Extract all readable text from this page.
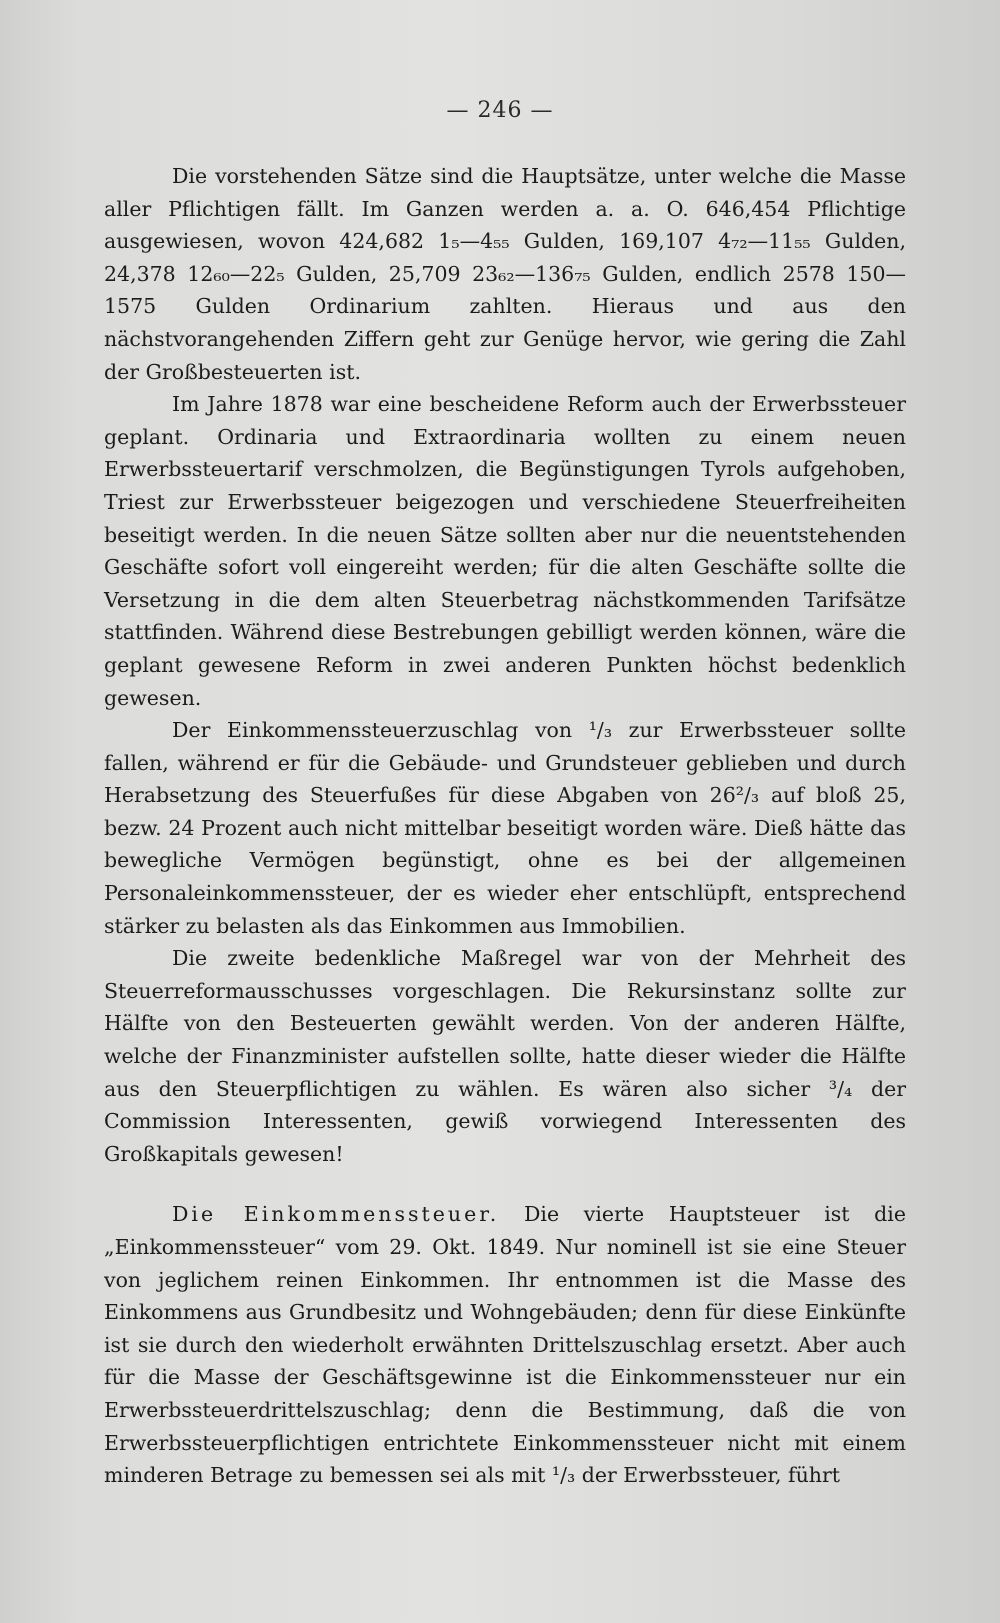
— 246 —

Die vorstehenden Sätze sind die Hauptsätze, unter welche die Masse aller Pflichtigen fällt. Im Ganzen werden a. a. O. 646,454 Pflichtige ausgewiesen, wovon 424,682 1₅—4₅₅ Gulden, 169,107 4₇₂—11₅₅ Gulden, 24,378 12₆₀—22₅ Gulden, 25,709 23₆₂—136₇₅ Gulden, endlich 2578 150—1575 Gulden Ordinarium zahlten. Hieraus und aus den nächstvorangehenden Ziffern geht zur Genüge hervor, wie gering die Zahl der Großbesteuerten ist.

Im Jahre 1878 war eine bescheidene Reform auch der Erwerbssteuer geplant. Ordinaria und Extraordinaria wollten zu einem neuen Erwerbssteuertarif verschmolzen, die Begünstigungen Tyrols aufgehoben, Triest zur Erwerbssteuer beigezogen und verschiedene Steuerfreiheiten beseitigt werden. In die neuen Sätze sollten aber nur die neuentstehenden Geschäfte sofort voll eingereiht werden; für die alten Geschäfte sollte die Versetzung in die dem alten Steuerbetrag nächstkommenden Tarifsätze stattfinden. Während diese Bestrebungen gebilligt werden können, wäre die geplant gewesene Reform in zwei anderen Punkten höchst bedenklich gewesen.

Der Einkommenssteuerzuschlag von ¹/₃ zur Erwerbssteuer sollte fallen, während er für die Gebäude- und Grundsteuer geblieben und durch Herabsetzung des Steuerfußes für diese Abgaben von 26²/₃ auf bloß 25, bezw. 24 Prozent auch nicht mittelbar beseitigt worden wäre. Dieß hätte das bewegliche Vermögen begünstigt, ohne es bei der allgemeinen Personaleinkommenssteuer, der es wieder eher entschlüpft, entsprechend stärker zu belasten als das Einkommen aus Immobilien.

Die zweite bedenkliche Maßregel war von der Mehrheit des Steuerreformausschusses vorgeschlagen. Die Rekursinstanz sollte zur Hälfte von den Besteuerten gewählt werden. Von der anderen Hälfte, welche der Finanzminister aufstellen sollte, hatte dieser wieder die Hälfte aus den Steuerpflichtigen zu wählen. Es wären also sicher ³/₄ der Commission Interessenten, gewiß vorwiegend Interessenten des Großkapitals gewesen!

Die Einkommenssteuer. Die vierte Hauptsteuer ist die „Einkommenssteuer“ vom 29. Okt. 1849. Nur nominell ist sie eine Steuer von jeglichem reinen Einkommen. Ihr entnommen ist die Masse des Einkommens aus Grundbesitz und Wohngebäuden; denn für diese Einkünfte ist sie durch den wiederholt erwähnten Drittelszuschlag ersetzt. Aber auch für die Masse der Geschäftsgewinne ist die Einkommenssteuer nur ein Erwerbssteuerdrittelszuschlag; denn die Bestimmung, daß die von Erwerbssteuerpflichtigen entrichtete Einkommenssteuer nicht mit einem minderen Betrage zu bemessen sei als mit ¹/₃ der Erwerbssteuer, führt
